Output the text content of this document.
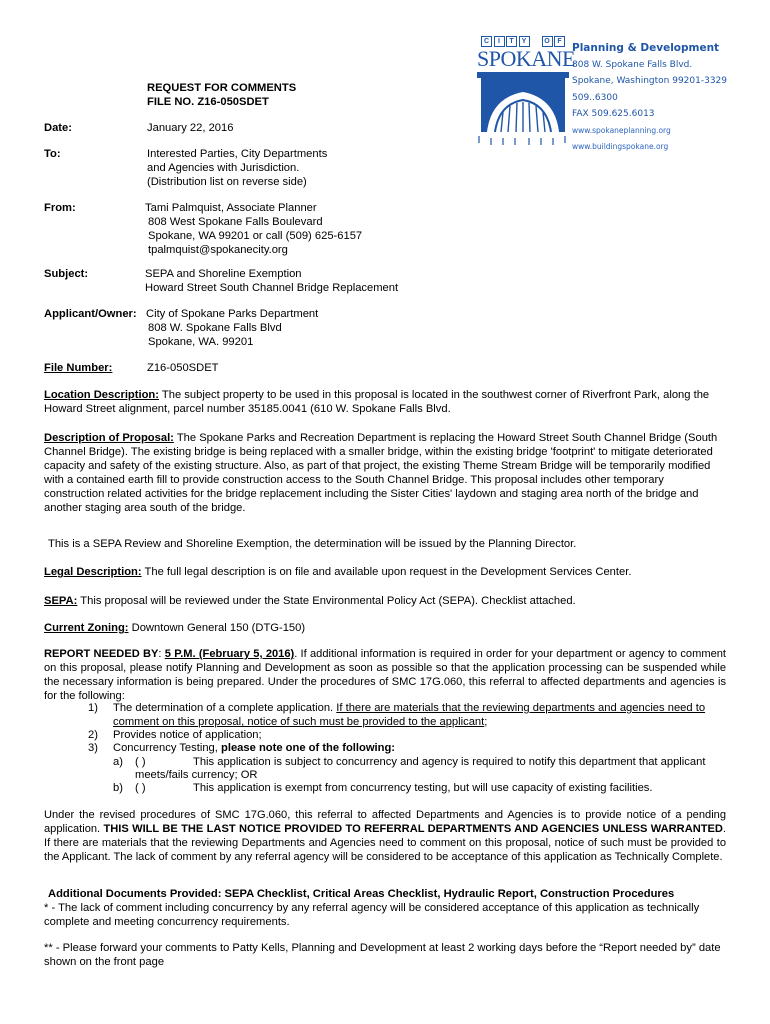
C	I	T	Y	O	F
SPOKANE
Planning & Development
808 W. Spokane Falls Blvd.
Spokane, Washington 99201-3329
509..6300
FAX 509.625.6013
www.spokaneplanning.org
www.buildingspokane.org
REQUEST FOR COMMENTS
FILE NO. Z16-050SDET
Date:	January 22, 2016
To:	Interested Parties, City Departments
and Agencies with Jurisdiction.
(Distribution list on reverse side)
From:	Tami Palmquist, Associate Planner
808 West Spokane Falls Boulevard
Spokane, WA 99201 or call (509) 625-6157
tpalmquist@spokanecity.org
Subject:	SEPA and Shoreline Exemption
Howard Street South Channel Bridge Replacement
Applicant/Owner: City of Spokane Parks Department
808 W. Spokane Falls Blvd
Spokane, WA. 99201
File Number:	Z16-050SDET
Location Description: The subject property to be used in this proposal is located in the southwest corner of Riverfront Park, along the Howard Street alignment, parcel number 35185.0041 (610 W. Spokane Falls Blvd.
Description of Proposal: The Spokane Parks and Recreation Department is replacing the Howard Street South Channel Bridge (South Channel Bridge). The existing bridge is being replaced with a smaller bridge, within the existing bridge 'footprint' to mitigate deteriorated capacity and safety of the existing structure. Also, as part of that project, the existing Theme Stream Bridge will be temporarily modified with a contained earth fill to provide construction access to the South Channel Bridge. This proposal includes other temporary construction related activities for the bridge replacement including the Sister Cities' laydown and staging area north of the bridge and another staging area south of the bridge.
This is a SEPA Review and Shoreline Exemption, the determination will be issued by the Planning Director.
Legal Description: The full legal description is on file and available upon request in the Development Services Center.
SEPA: This proposal will be reviewed under the State Environmental Policy Act (SEPA). Checklist attached.
Current Zoning: Downtown General 150 (DTG-150)
REPORT NEEDED BY: 5 P.M. (February 5, 2016). If additional information is required in order for your department or agency to comment on this proposal, please notify Planning and Development as soon as possible so that the application processing can be suspended while the necessary information is being prepared. Under the procedures of SMC 17G.060, this referral to affected departments and agencies is for the following:
1) The determination of a complete application. If there are materials that the reviewing departments and agencies need to
comment on this proposal, notice of such must be provided to the applicant;
2) Provides notice of application;
3) Concurrency Testing, please note one of the following:
a) ( )	This application is subject to concurrency and agency is required to notify this department that applicant
meets/fails currency; OR
b) ( )	This application is exempt from concurrency testing, but will use capacity of existing facilities.
Under the revised procedures of SMC 17G.060, this referral to affected Departments and Agencies is to provide notice of a pending application. THIS WILL BE THE LAST NOTICE PROVIDED TO REFERRAL DEPARTMENTS AND AGENCIES UNLESS WARRANTED. If there are materials that the reviewing Departments and Agencies need to comment on this proposal, notice of such must be provided to the Applicant. The lack of comment by any referral agency will be considered to be acceptance of this application as Technically Complete.
Additional Documents Provided: SEPA Checklist, Critical Areas Checklist, Hydraulic Report, Construction Procedures
* - The lack of comment including concurrency by any referral agency will be considered acceptance of this application as technically complete and meeting concurrency requirements.
** - Please forward your comments to Patty Kells, Planning and Development at least 2 working days before the “Report needed by” date shown on the front page
